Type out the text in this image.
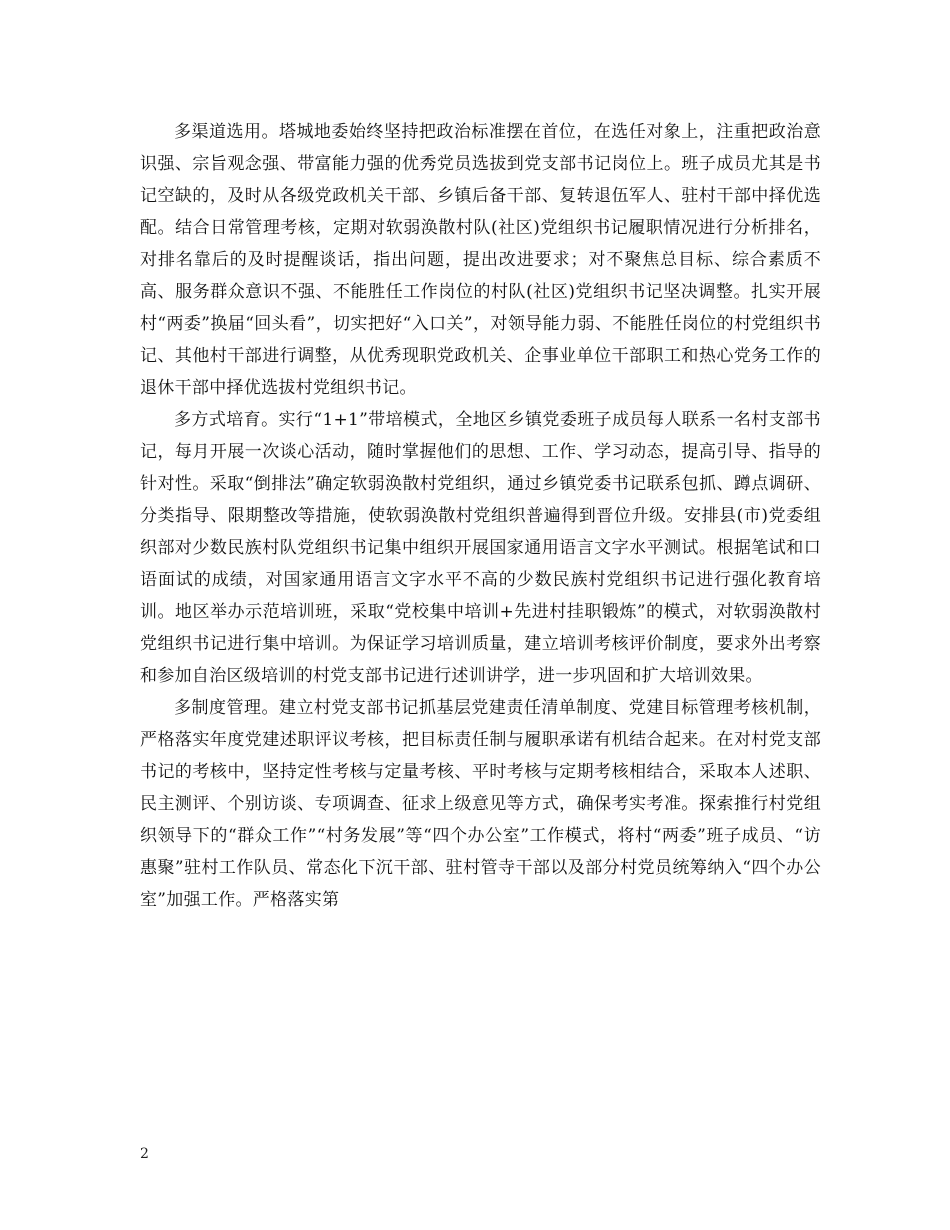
多渠道选用。塔城地委始终坚持把政治标准摆在首位，在选任对象上，注重把政治意识强、宗旨观念强、带富能力强的优秀党员选拔到党支部书记岗位上。班子成员尤其是书记空缺的，及时从各级党政机关干部、乡镇后备干部、复转退伍军人、驻村干部中择优选配。结合日常管理考核，定期对软弱涣散村队(社区)党组织书记履职情况进行分析排名，对排名靠后的及时提醒谈话，指出问题，提出改进要求；对不聚焦总目标、综合素质不高、服务群众意识不强、不能胜任工作岗位的村队(社区)党组织书记坚决调整。扎实开展村“两委”换届“回头看”，切实把好“入口关”，对领导能力弱、不能胜任岗位的村党组织书记、其他村干部进行调整，从优秀现职党政机关、企事业单位干部职工和热心党务工作的退休干部中择优选拔村党组织书记。

多方式培育。实行“1+1”带培模式，全地区乡镇党委班子成员每人联系一名村支部书记，每月开展一次谈心活动，随时掌握他们的思想、工作、学习动态，提高引导、指导的针对性。采取“倒排法”确定软弱涣散村党组织，通过乡镇党委书记联系包抓、蹲点调研、分类指导、限期整改等措施，使软弱涣散村党组织普遍得到晋位升级。安排县(市)党委组织部对少数民族村队党组织书记集中组织开展国家通用语言文字水平测试。根据笔试和口语面试的成绩，对国家通用语言文字水平不高的少数民族村党组织书记进行强化教育培训。地区举办示范培训班，采取“党校集中培训+先进村挂职锻炼”的模式，对软弱涣散村党组织书记进行集中培训。为保证学习培训质量，建立培训考核评价制度，要求外出考察和参加自治区级培训的村党支部书记进行述训讲学，进一步巩固和扩大培训效果。

多制度管理。建立村党支部书记抓基层党建责任清单制度、党建目标管理考核机制，严格落实年度党建述职评议考核，把目标责任制与履职承诺有机结合起来。在对村党支部书记的考核中，坚持定性考核与定量考核、平时考核与定期考核相结合，采取本人述职、民主测评、个别访谈、专项调查、征求上级意见等方式，确保考实考准。探索推行村党组织领导下的“群众工作”“村务发展”等“四个办公室”工作模式，将村“两委”班子成员、“访惠聚”驻村工作队员、常态化下沉干部、驻村管寺干部以及部分村党员统筹纳入“四个办公室”加强工作。严格落实第

2
